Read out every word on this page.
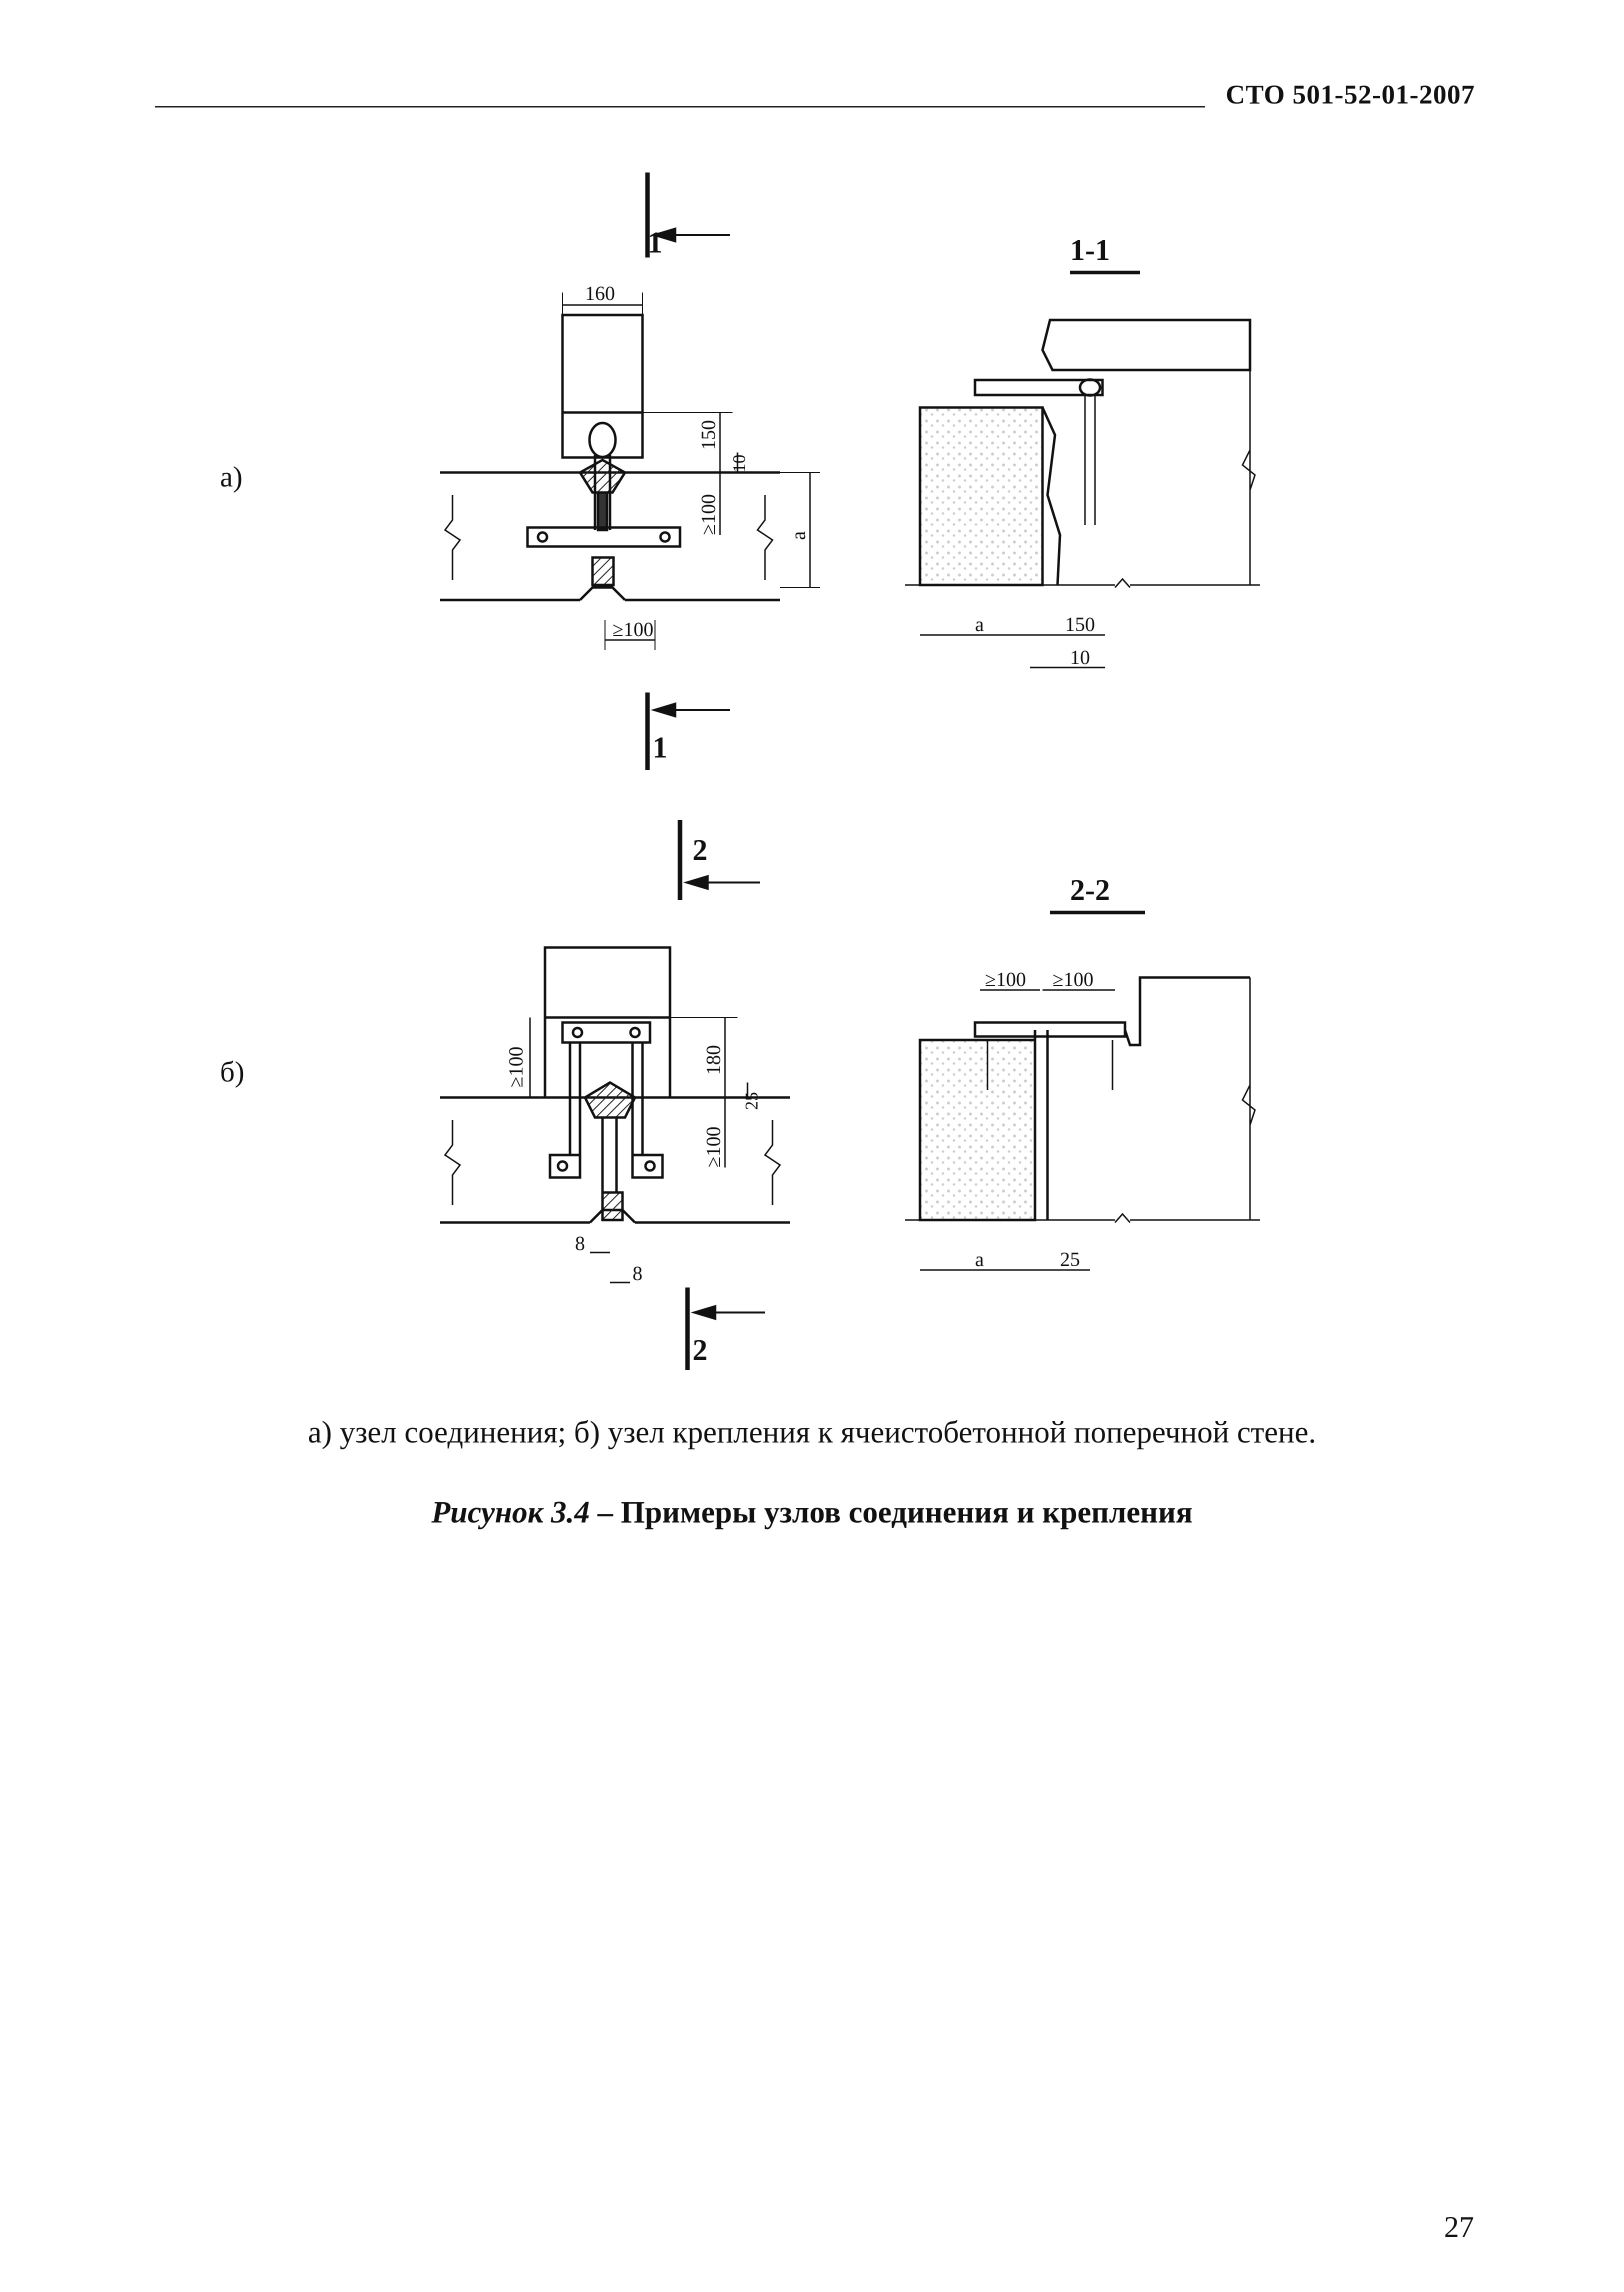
СТО 501-52-01-2007
а)
б)
1
1
160
150
10
≥100
а
≥100
1-1
а	150
10
2
2
≥100	180
25
≥100
8
8
2-2
≥100 ≥100
а	25
а) узел соединения; б) узел крепления к ячеистобетонной поперечной стене.
Рисунок 3.4 – Примеры узлов соединения и крепления
27
